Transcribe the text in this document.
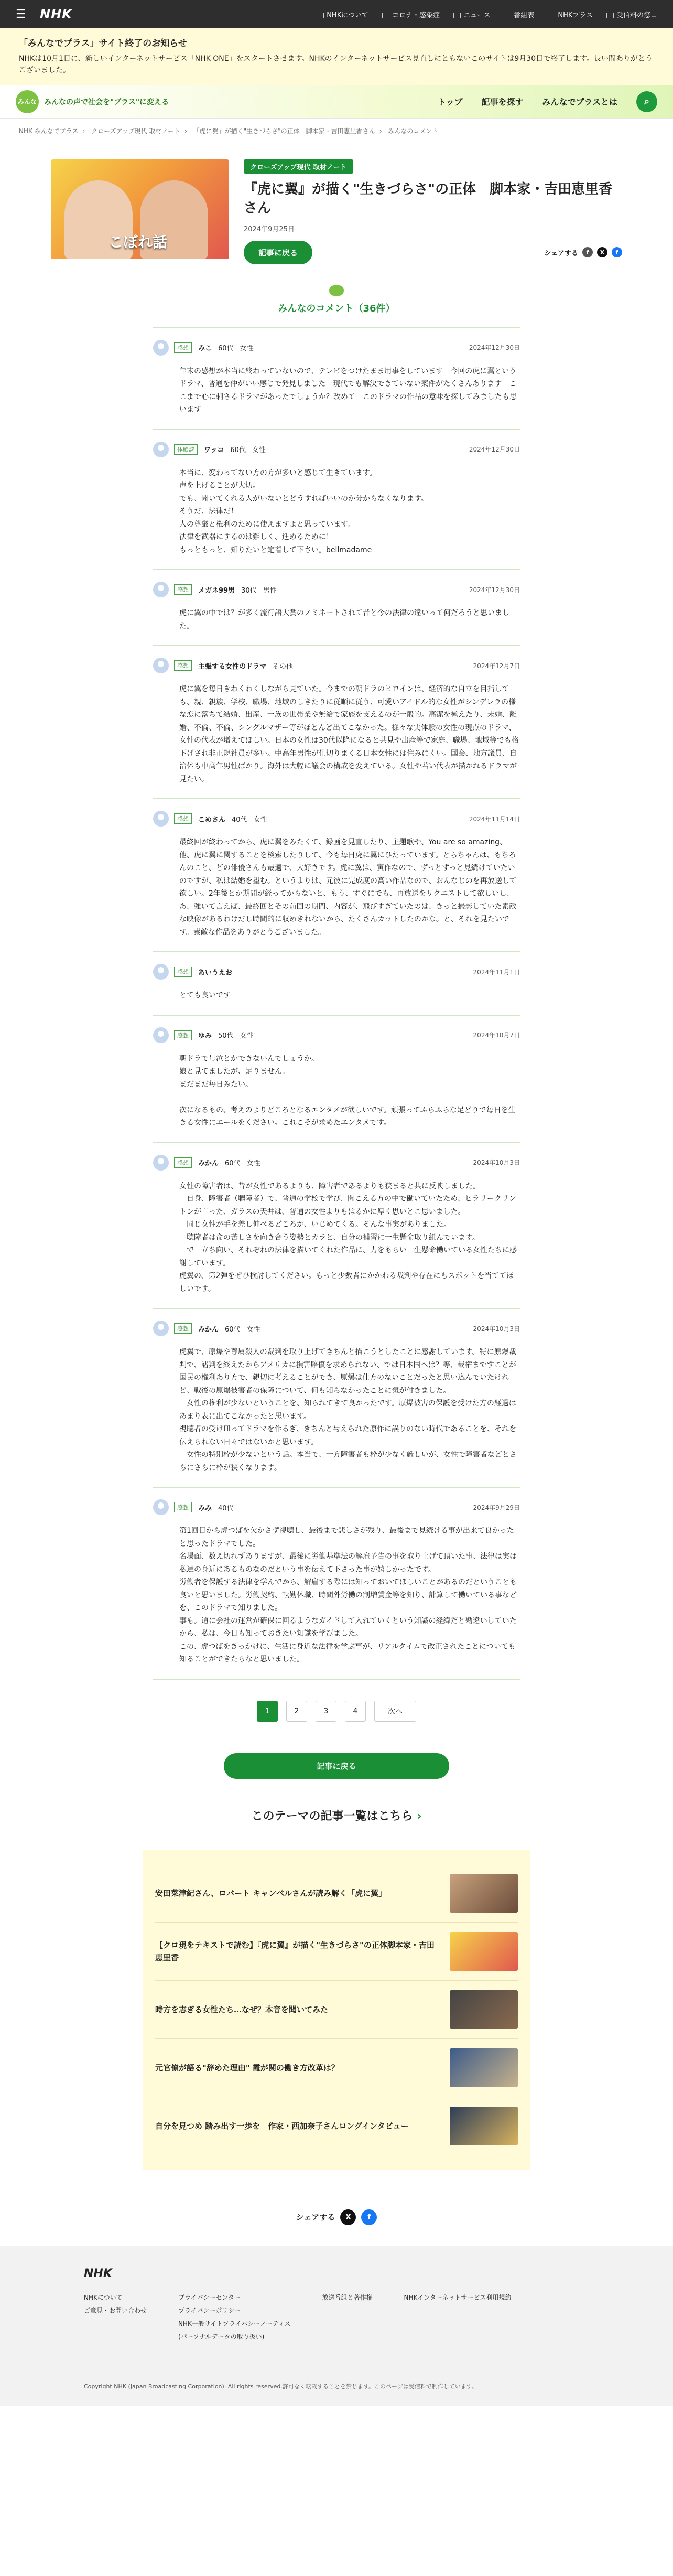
☰	NHK	NHKについて	コロナ・感染症	ニュース	番組表	NHKプラス	受信料の窓口
「みんなでプラス」サイト終了のお知らせ

NHKは10月1日に、新しいインターネットサービス「NHK ONE」をスタートさせます。NHKのインターネットサービス見直しにともないこのサイトは9月30日で終了します。長い間ありがとうございました。

みんな みんなの声で社会を"プラス"に変える	トップ 記事を探す みんなでプラスとは	⌕
NHK みんなでプラス › クローズアップ現代 取材ノート › 「虎に翼」が描く"生きづらさ"の正体　脚本家・吉田恵里香さん › みんなのコメント
こぼれ話
クローズアップ現代 取材ノート
『虎に翼』が描く"生きづらさ"の正体　脚本家・吉田恵里香さん
2024年9月25日
記事に戻る	シェアする	f	X	f
みんなのコメント（36件）
感想	みこ 60代 女性	2024年12月30日
年末の感想が本当に終わっていないので、テレビをつけたまま用事をしています　今回の虎に翼というドラマ、普通を仲がいい感じで発見しました　現代でも解決できていない案件がたくさんあります　ここまで心に刺さるドラマがあったでしょうか？改めて　このドラマの作品の意味を探してみましたも思います
体験談	ワッコ 60代 女性	2024年12月30日
本当に、変わってない方の方が多いと感じて生きています。
声を上げることが大切。
でも、聞いてくれる人がいないとどうすればいいのか分からなくなります。
そうだ、法律だ！
人の尊厳と権利のために使えますよと思っています。
法律を武器にするのは難しく、進めるために！
もっともっと、知りたいと定着して下さい。bellmadame
感想	メガネ99男 30代 男性	2024年12月30日
虎に翼の中では？が多く流行語大賞のノミネートされて昔と今の法律の違いって何だろうと思いました。
感想	主張する女性のドラマ その他	2024年12月7日
虎に翼を毎日きわくわくしながら見ていた。今までの朝ドラのヒロインは、経済的な自立を目指しても、親、親族、学校、職場、地域のしきたりに従順に従う、可愛いアイドル的な女性がシンデレラの様な恋に落ちて結婚、出産、一族の世帯業や無給で家族を支えるのが一般的。高潔を極えたり、未婚、離婚、不倫、不倫、シングルマザー等がほとんど出てこなかった。様々な実体験の女性の現点のドラマ、女性の代表が増えてほしい。日本の女性は30代以降になると共見や出産等で家庭、職場、地域等でも格下げされ非正規社員が多い。中高年男性が仕切りまくる日本女性には住みにくい。国会、地方議員、自治体も中高年男性ばかり。海外は大幅に議会の構成を変えている。女性や若い代表が描かれるドラマが見たい。
感想	こめさん 40代 女性	2024年11月14日
最終回が終わってから、虎に翼をみたくて、録画を見直したり、主題歌や、You are so amazing、他、虎に翼に関することを検索したりして、今も毎日虎に翼にひたっています。とらちゃんは、もちろんのこと、どの俳優さんも最適で、大好きです。虎に翼は、寅作なので、ずっとずっと見続けていたいのですが、私は結婚を望む。というよりは、元彼に完成度の高い作品なので、おんなじのを再放送して欲しい。2年後とか期間が経ってからないと、もう、すぐにでも、再放送をリクエストして欲しいし、あ、強いて言えば、最終回とその前回の期間、内容が、飛びすぎていたのは、きっと撮影していた素敵な映像があるわけだし時間的に収めきれないから、たくさんカットしたのかな。と、それを見たいです。素敵な作品をありがとうございました。
感想	あいうえお	2024年11月1日
とても良いです
感想	ゆみ 50代 女性	2024年10月7日
朝ドラで号泣とかできないんでしょうか。
娘と見てましたが、足りません。
まだまだ毎日みたい。

次になるもの、考えのよりどころとなるエンタメが欲しいです。頑張ってふらふらな足どりで毎日を生きる女性にエールをください。これこそが求めたエンタメです。
感想	みかん 60代 女性	2024年10月3日
女性の障害者は、昔が女性であるよりも、障害者であるよりも狭まると共に反映しました。
　自身、障害者（聴障者）で、普通の学校で学び、聞こえる方の中で働いていたため、ヒラリークリントンが言った、ガラスの天井は、普通の女性よりもはるかに厚く思いとこ思いました。
　同じ女性が手を差し伸べるどころか、いじめてくる。そんな事実がありました。
　聴障者は命の苦しさを向き合う姿勢とカラと、自分の補習に一生懸命取り組んでいます。
　で　立ち向い、それぞれの法律を描いてくれた作品に、力をもらい一生懸命働いている女性たちに感謝しています。
虎翼の、第2弾をぜひ検討してください。もっと少数者にかかわる裁判や存在にもスポットを当ててほしいです。
感想	みかん 60代 女性	2024年10月3日
虎翼で、原爆や尊属殺人の裁判を取り上げてきちんと描こうとしたことに感謝しています。特に原爆裁判で、諸判を終えたからアメリカに損害賠償を求められない、では日本国へは？等、裁権まですことが国民の権利あり方で、親切に考えることができ、原爆は仕方のないことだったと思い込んでいたけれど、戦後の原爆被害者の保障について、何も知らなかったことに気が付きました。
　女性の権利が少ないということを、知られてきて良かったです。原爆被害の保護を受けた方の経過はあまり表に出てこなかったと思います。
視聴者の受け皿ってドラマを作るぎ、きちんと与えられた原作に誤りのない時代であることを、それを伝えられない日々ではないかと思います。
　女性の特別枠が少ないという話。本当で、一方障害者も枠が少なく厳しいが、女性で障害者などとさらにさらに枠が狭くなります。
感想	みみ 40代	2024年9月29日
第1回目から虎つばを欠かさず視聴し、最後まで悲しさが残り、最後まで見続ける事が出来て良かったと思ったドラマでした。
名場面、数え切れずありますが、最後に労働基準法の解雇予告の事を取り上げて頂いた事、法律は実は私達の身近にあるものなのだという事を伝えて下さった事が嬉しかったです。
労働者を保護する法律を学んでから、解雇する際には知っておいてほしいことがあるのだということも良いと思いました。労働契約、転勤休職、時間外労働の割増賃金等を知り、計算して働いている事などを、このドラマで知りました。
事も。這に会社の運営が確保に回るようなガイドして入れていくという知識の経緯だと勘違いしていたから、私は、今日も知っておきたい知識を学びました。
この、虎つばをきっかけに、生活に身近な法律を学ぶ事が、リアルタイムで改正されたことについても知ることができたらなと思いました。
1	2	3	4	次へ
記事に戻る
このテーマの記事一覧はこちら ›
安田菜津紀さん、ロバート キャンベルさんが読み解く「虎に翼」
【クロ現をテキストで読む】『虎に翼』が描く"生きづらさ"の正体脚本家・吉田恵里香
時方を志ぎる女性たち…なぜ？本音を聞いてみた
元官僚が語る"辞めた理由" 霞が関の働き方改革は？
自分を見つめ 踏み出す一歩を　作家・西加奈子さんロングインタビュー
シェアする	X	f
NHK
NHKについて
ご意見・お問い合わせ
プライバシーセンター
プライバシーポリシー
NHK一般サイトプライバシーノーティス
(パーソナルデータの取り扱い)
放送番組と著作権	NHKインターネットサービス利用規約
Copyright NHK (Japan Broadcasting Corporation). All rights reserved.許可なく転載することを禁じます。このページは受信料で制作しています。
